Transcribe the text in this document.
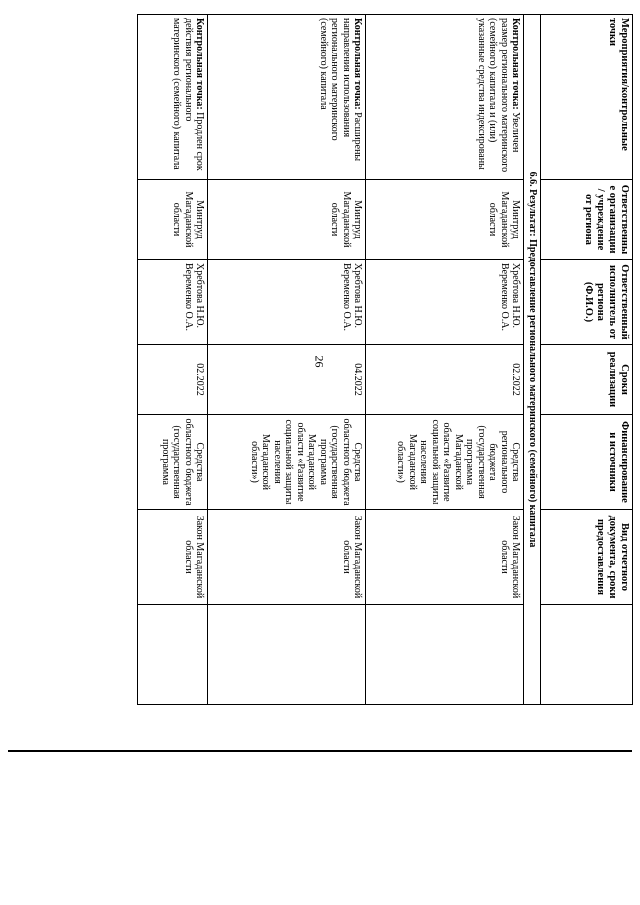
Мероприятия/контрольные точки	Ответственные организации / учреждение от региона	Ответственный исполнитель от региона (Ф.И.О.)	Сроки реализации	Финансирование и источники	Вид отчетного документа, сроки предоставления	
6.6. Результат: Предоставление регионального материнского (семейного) капитала						
Контрольная точка: Увеличен размер регионального материнского (семейного) капитала и (или) указанные средства индексированы	Минтруд Магаданской области	Хребтова Н.Ю. Веременко О.А.	02.2022	Средства регионального бюджета (государственная программа Магаданской области «Развитие социальной защиты населения Магаданской области»)	Закон Магаданской области	
Контрольная точка: Расширены направления использования регионального материнского (семейного) капитала	Минтруд Магаданской области	Хребтова Н.Ю. Веременко О.А.	04.2022	Средства областного бюджета (государственная программа Магаданской области «Развитие социальной защиты населения Магаданской области»)	Закон Магаданской области	
Контрольная точка: Продлен срок действия регионального материнского (семейного) капитала	Минтруд Магаданской области	Хребтова Н.Ю. Веременко О.А.	02.2022	Средства областного бюджета (государственная программа	Закон Магаданской области	
26
